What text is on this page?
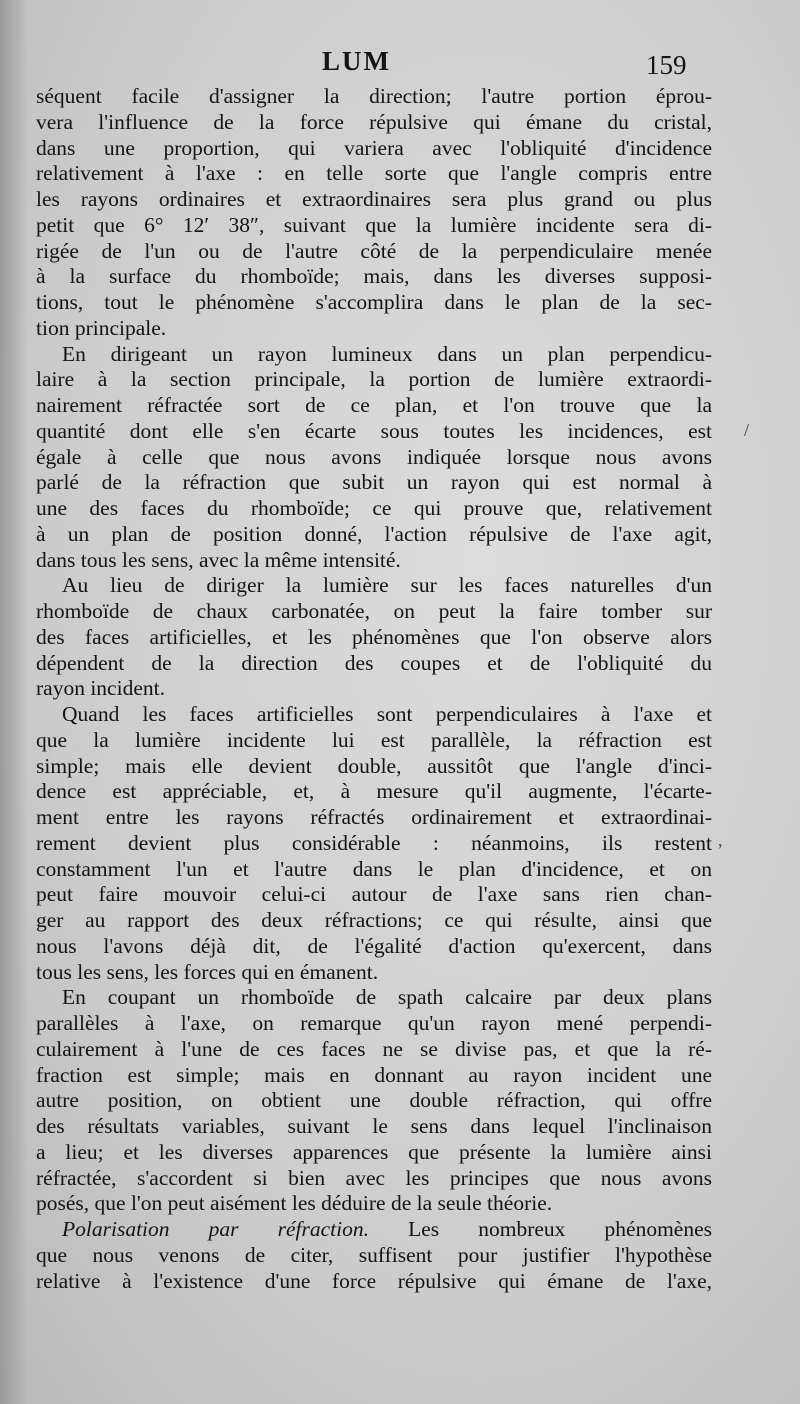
LUM	159
séquent facile d'assigner la direction; l'autre portion éprou-
vera l'influence de la force répulsive qui émane du cristal,
dans une proportion, qui variera avec l'obliquité d'incidence
relativement à l'axe : en telle sorte que l'angle compris entre
les rayons ordinaires et extraordinaires sera plus grand ou plus
petit que 6° 12′ 38″, suivant que la lumière incidente sera di-
rigée de l'un ou de l'autre côté de la perpendiculaire menée
à la surface du rhomboïde; mais, dans les diverses supposi-
tions, tout le phénomène s'accomplira dans le plan de la sec-
tion principale.
En dirigeant un rayon lumineux dans un plan perpendicu-
laire à la section principale, la portion de lumière extraordi-
nairement réfractée sort de ce plan, et l'on trouve que la
quantité dont elle s'en écarte sous toutes les incidences, est
égale à celle que nous avons indiquée lorsque nous avons
parlé de la réfraction que subit un rayon qui est normal à
une des faces du rhomboïde; ce qui prouve que, relativement
à un plan de position donné, l'action répulsive de l'axe agit,
dans tous les sens, avec la même intensité.
Au lieu de diriger la lumière sur les faces naturelles d'un
rhomboïde de chaux carbonatée, on peut la faire tomber sur
des faces artificielles, et les phénomènes que l'on observe alors
dépendent de la direction des coupes et de l'obliquité du
rayon incident.
Quand les faces artificielles sont perpendiculaires à l'axe et
que la lumière incidente lui est parallèle, la réfraction est
simple; mais elle devient double, aussitôt que l'angle d'inci-
dence est appréciable, et, à mesure qu'il augmente, l'écarte-
ment entre les rayons réfractés ordinairement et extraordinai-
rement devient plus considérable : néanmoins, ils restent
constamment l'un et l'autre dans le plan d'incidence, et on
peut faire mouvoir celui-ci autour de l'axe sans rien chan-
ger au rapport des deux réfractions; ce qui résulte, ainsi que
nous l'avons déjà dit, de l'égalité d'action qu'exercent, dans
tous les sens, les forces qui en émanent.
En coupant un rhomboïde de spath calcaire par deux plans
parallèles à l'axe, on remarque qu'un rayon mené perpendi-
culairement à l'une de ces faces ne se divise pas, et que la ré-
fraction est simple; mais en donnant au rayon incident une
autre position, on obtient une double réfraction, qui offre
des résultats variables, suivant le sens dans lequel l'inclinaison
a lieu; et les diverses apparences que présente la lumière ainsi
réfractée, s'accordent si bien avec les principes que nous avons
posés, que l'on peut aisément les déduire de la seule théorie.
Polarisation par réfraction. Les nombreux phénomènes
que nous venons de citer, suffisent pour justifier l'hypothèse
relative à l'existence d'une force répulsive qui émane de l'axe,
/
,
